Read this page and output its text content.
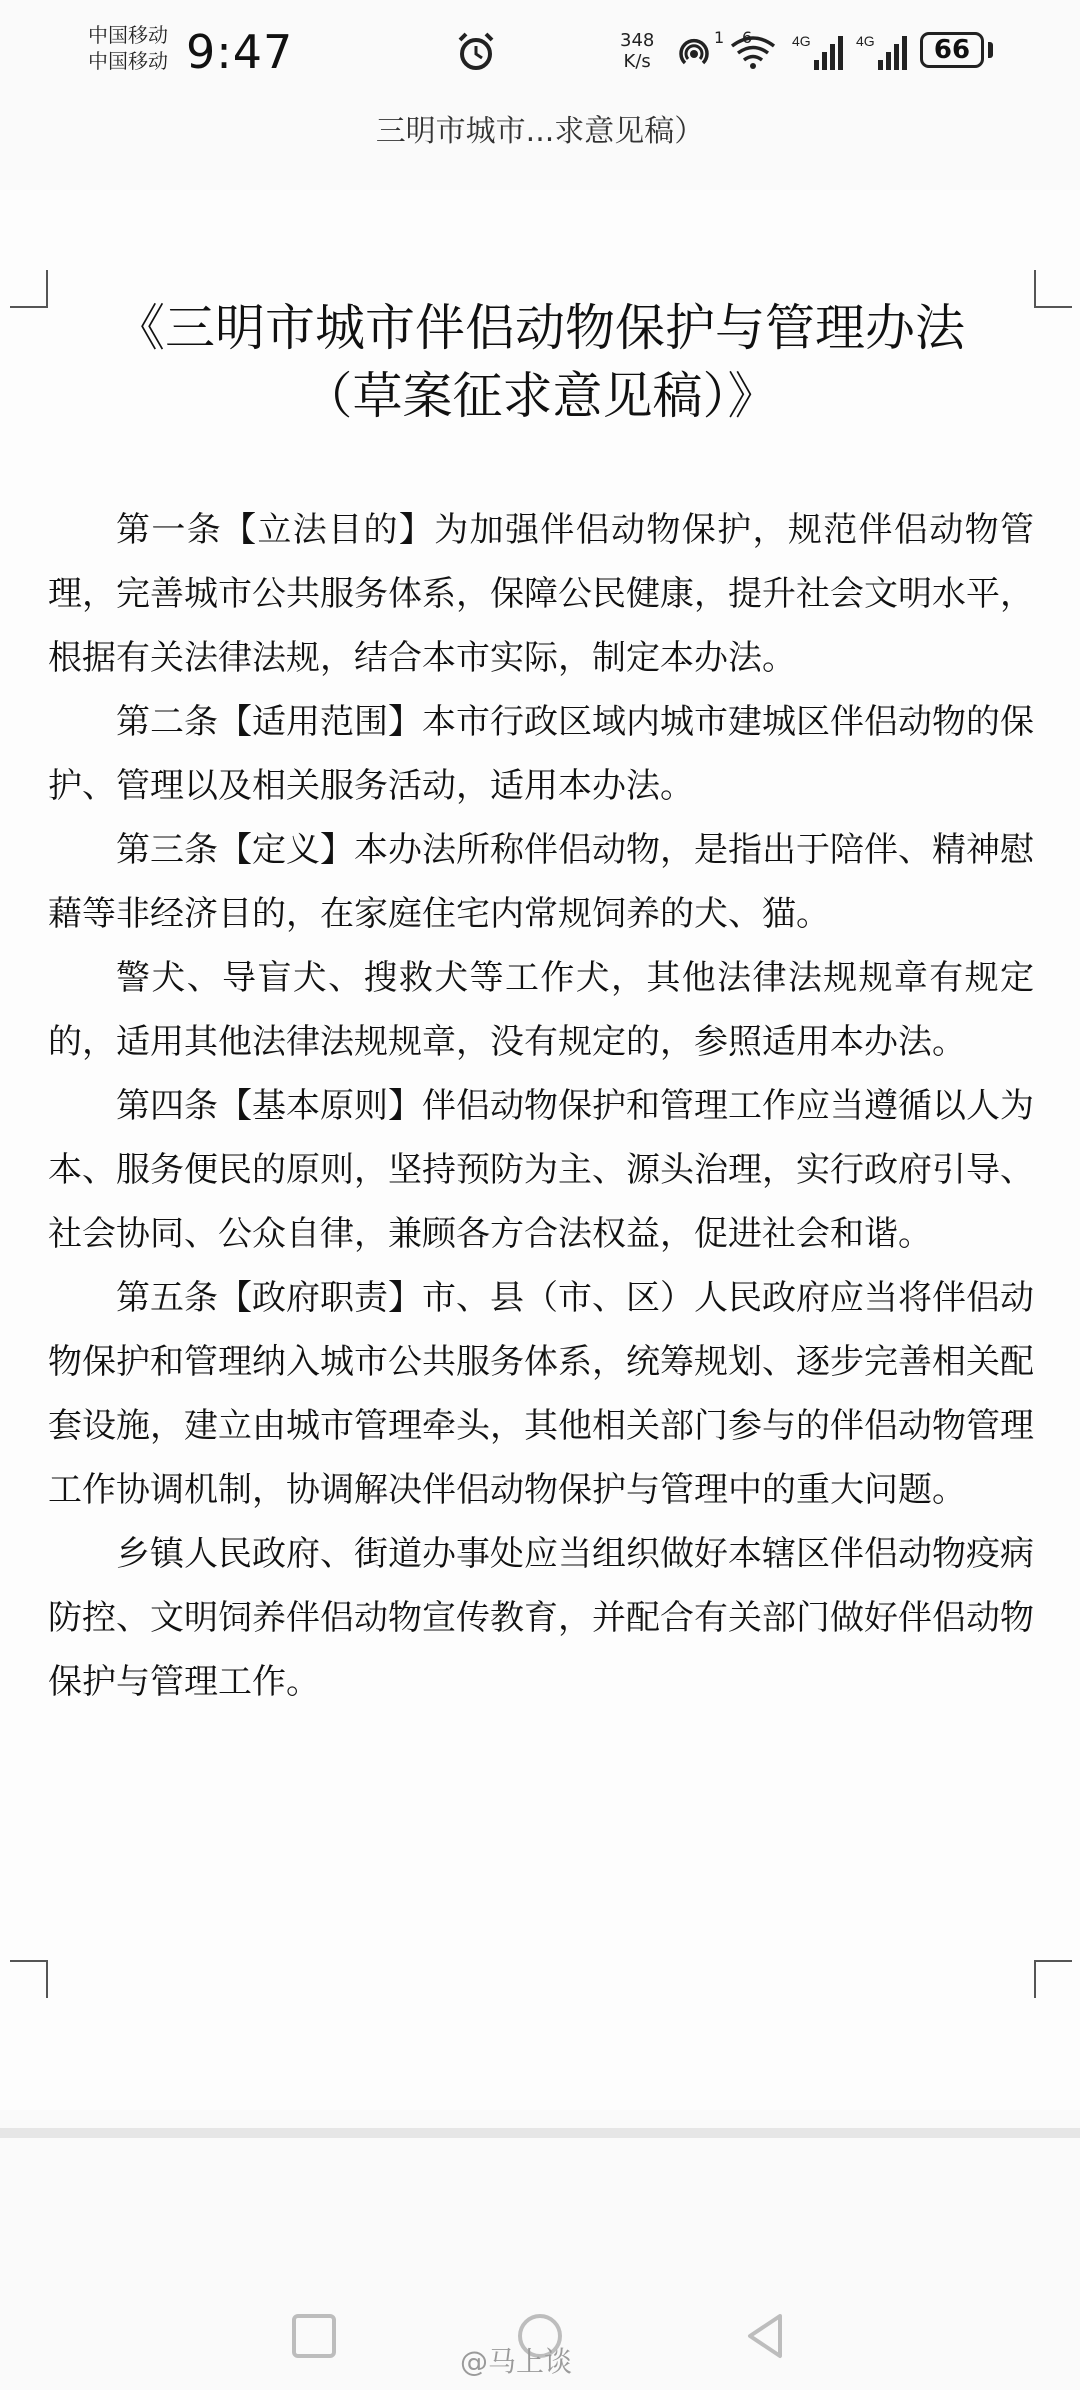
中国移动
中国移动 9:47	348
K/s
1 6	4G	4G	66
三明市城市...求意见稿）
《三明市城市伴侣动物保护与管理办法
（草案征求意见稿）》

第一条【立法目的】为加强伴侣动物保护，规范伴侣动物管理，完善城市公共服务体系，保障公民健康，提升社会文明水平，根据有关法律法规，结合本市实际，制定本办法。

第二条【适用范围】本市行政区域内城市建城区伴侣动物的保护、管理以及相关服务活动，适用本办法。

第三条【定义】本办法所称伴侣动物，是指出于陪伴、精神慰藉等非经济目的，在家庭住宅内常规饲养的犬、猫。

警犬、导盲犬、搜救犬等工作犬，其他法律法规规章有规定的，适用其他法律法规规章，没有规定的，参照适用本办法。

第四条【基本原则】伴侣动物保护和管理工作应当遵循以人为本、服务便民的原则，坚持预防为主、源头治理，实行政府引导、社会协同、公众自律，兼顾各方合法权益，促进社会和谐。

第五条【政府职责】市、县（市、区）人民政府应当将伴侣动物保护和管理纳入城市公共服务体系，统筹规划、逐步完善相关配套设施，建立由城市管理牵头，其他相关部门参与的伴侣动物管理工作协调机制，协调解决伴侣动物保护与管理中的重大问题。

乡镇人民政府、街道办事处应当组织做好本辖区伴侣动物疫病防控、文明饲养伴侣动物宣传教育，并配合有关部门做好伴侣动物保护与管理工作。

@马上谈
